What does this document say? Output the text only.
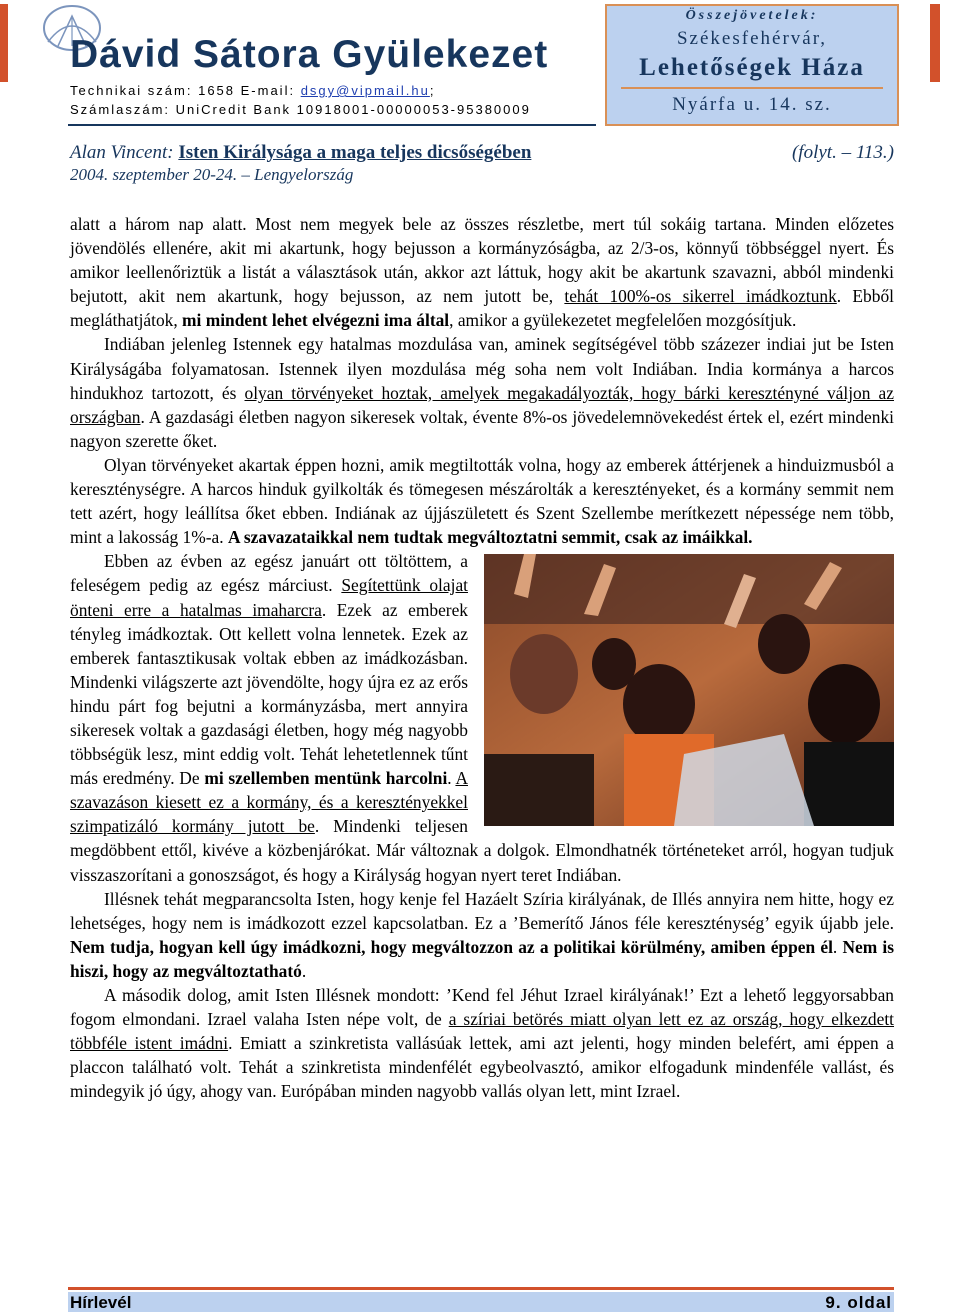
Dávid Sátora Gyülekezet
Technikai szám: 1658 E-mail: dsgy@vipmail.hu;
Számlaszám: UniCredit Bank 10918001-00000053-95380009
Összejövetelek:
Székesfehérvár,
Lehetőségek Háza
Nyárfa u. 14. sz.
Alan Vincent: Isten Királysága a maga teljes dicsőségében	(folyt. – 113.)
2004. szeptember 20-24. – Lengyelország

alatt a három nap alatt. Most nem megyek bele az összes részletbe, mert túl sokáig tartana. Minden előzetes jövendölés ellenére, akit mi akartunk, hogy bejusson a kormányzóságba, az 2/3-os, könnyű többséggel nyert. És amikor leellenőriztük a listát a választások után, akkor azt láttuk, hogy akit be akartunk szavazni, abból mindenki bejutott, akit nem akartunk, hogy bejusson, az nem jutott be, tehát 100%-os sikerrel imádkoztunk. Ebből megláthatjátok, mi mindent lehet elvégezni ima által, amikor a gyülekezetet megfelelően mozgósítjuk.

Indiában jelenleg Istennek egy hatalmas mozdulása van, aminek segítségével több százezer indiai jut be Isten Királyságába folyamatosan. Istennek ilyen mozdulása még soha nem volt Indiában. India kormánya a harcos hindukhoz tartozott, és olyan törvényeket hoztak, amelyek megakadályozták, hogy bárki keresztényné váljon az országban. A gazdasági életben nagyon sikeresek voltak, évente 8%-os jövedelemnövekedést értek el, ezért mindenki nagyon szerette őket.

Olyan törvényeket akartak éppen hozni, amik megtiltották volna, hogy az emberek áttérjenek a hinduizmusból a kereszténységre. A harcos hinduk gyilkolták és tömegesen mészárolták a keresztényeket, és a kormány semmit nem tett azért, hogy leállítsa őket ebben. Indiának az újjászületett és Szent Szellembe merítkezett népessége nem több, mint a lakosság 1%-a. A szavazataikkal nem tudtak megváltoztatni semmit, csak az imáikkal.

Ebben az évben az egész januárt ott töltöttem, a feleségem pedig az egész márciust. Segítettünk olajat önteni erre a hatalmas imaharcra. Ezek az emberek tényleg imádkoztak. Ott kellett volna lennetek. Ezek az emberek fantasztikusak voltak ebben az imádkozásban. Mindenki világszerte azt jövendölte, hogy újra ez az erős hindu párt fog bejutni a kormányzásba, mert annyira sikeresek voltak a gazdasági életben, hogy még nagyobb többségük lesz, mint eddig volt. Tehát lehetetlennek tűnt más eredmény. De mi szellemben mentünk harcolni. A szavazáson kiesett ez a kormány, és a keresztényekkel szimpatizáló kormány jutott be. Mindenki teljesen megdöbbent ettől, kivéve a közbenjárókat. Már változnak a dolgok. Elmondhatnék történeteket arról, hogyan tudjuk visszaszorítani a gonoszságot, és hogy a Királyság hogyan nyert teret Indiában.

Illésnek tehát megparancsolta Isten, hogy kenje fel Hazáelt Szíria királyának, de Illés annyira nem hitte, hogy ez lehetséges, hogy nem is imádkozott ezzel kapcsolatban. Ez a ’Bemerítő János féle kereszténység’ egyik újabb jele. Nem tudja, hogyan kell úgy imádkozni, hogy megváltozzon az a politikai körülmény, amiben éppen él. Nem is hiszi, hogy az megváltoztatható.

A második dolog, amit Isten Illésnek mondott: ’Kend fel Jéhut Izrael királyának!’ Ezt a lehető leggyorsabban fogom elmondani. Izrael valaha Isten népe volt, de a szíriai betörés miatt olyan lett ez az ország, hogy elkezdett többféle istent imádni. Emiatt a szinkretista vallásúak lettek, ami azt jelenti, hogy minden belefért, ami éppen a placcon található volt. Tehát a szinkretista mindenfélét egybeolvasztó, amikor elfogadunk mindenféle vallást, és mindegyik jó úgy, ahogy van. Európában minden nagyobb vallás olyan lett, mint Izrael.

Hírlevél	9. oldal
